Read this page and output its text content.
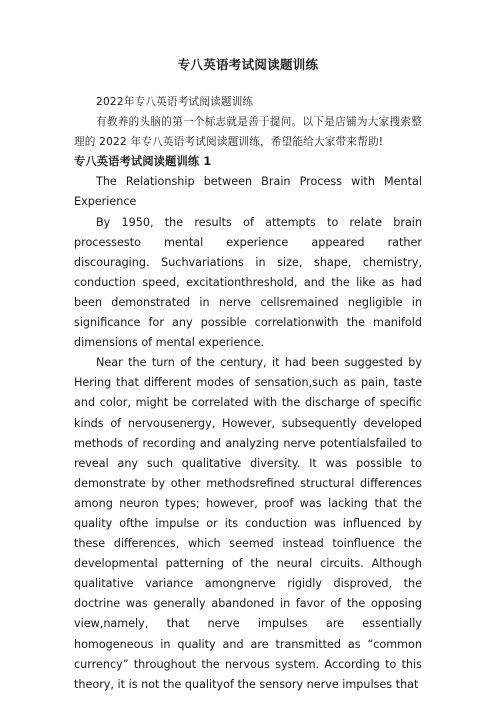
专八英语考试阅读题训练

2022年专八英语考试阅读题训练

有教养的头脑的第一个标志就是善于提问。以下是店铺为大家搜索整理的 2022 年专八英语考试阅读题训练，希望能给大家带来帮助!

专八英语考试阅读题训练 1

The Relationship between Brain Process with Mental Experience

By 1950, the results of attempts to relate brain processesto mental experience appeared rather discouraging. Suchvariations in size, shape, chemistry, conduction speed, excitationthreshold, and the like as had been demonstrated in nerve cellsremained negligible in significance for any possible correlationwith the manifold dimensions of mental experience.

Near the turn of the century, it had been suggested by Hering that different modes of sensation,such as pain, taste and color, might be correlated with the discharge of specific kinds of nervousenergy, However, subsequently developed methods of recording and analyzing nerve potentialsfailed to reveal any such qualitative diversity. It was possible to demonstrate by other methodsrefined structural differences among neuron types; however, proof was lacking that the quality ofthe impulse or its conduction was influenced by these differences, which seemed instead toinfluence the developmental patterning of the neural circuits. Although qualitative variance amongnerve rigidly disproved, the doctrine was generally abandoned in favor of the opposing view,namely, that nerve impulses are essentially homogeneous in quality and are transmitted as “common currency” throughout the nervous system. According to this theory, it is not the qualityof the sensory nerve impulses that
